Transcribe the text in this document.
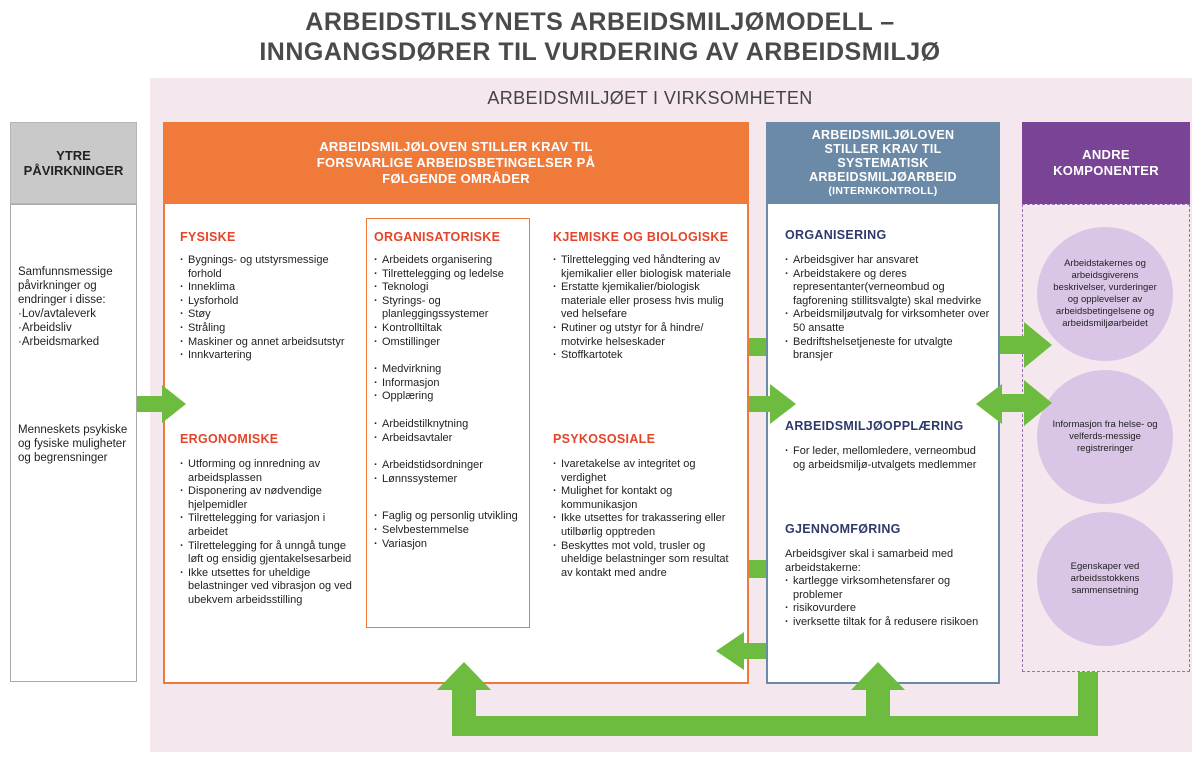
ARBEIDSTILSYNETS ARBEIDSMILJØMODELL –
INNGANGSDØRER TIL VURDERING AV ARBEIDSMILJØ
ARBEIDSMILJØET I VIRKSOMHETEN
YTRE PÅVIRKNINGER
Samfunnsmessige påvirkninger og endringer i disse:
·Lov/avtaleverk
·Arbeidsliv
·Arbeidsmarked
Menneskets psykiske og fysiske muligheter og begrensninger
ARBEIDSMILJØLOVEN STILLER KRAV TIL FORSVARLIGE ARBEIDSBETINGELSER PÅ FØLGENDE OMRÅDER
FYSISKE
· Bygnings- og utstyrsmessige forhold
· Inneklima
· Lysforhold
· Støy
· Stråling
· Maskiner og annet arbeidsutstyr
· Innkvartering
ERGONOMISKE
· Utforming og innredning av arbeidsplassen
· Disponering av nødvendige hjelpemidler
· Tilrettelegging for variasjon i arbeidet
· Tilrettelegging for å unngå tunge løft og ensidig gjentakelsesarbeid
· Ikke utsettes for uheldige belastninger ved vibrasjon og ved ubekvem arbeidsstilling
ORGANISATORISKE
· Arbeidets organisering
· Tilrettelegging og ledelse
· Teknologi
· Styrings- og planleggingssystemer
· Kontrolltiltak
· Omstillinger
· Medvirkning
· Informasjon
· Opplæring
· Arbeidstilknytning
· Arbeidsavtaler
· Arbeidstidsordninger
· Lønnssystemer
· Faglig og personlig utvikling
· Selvbestemmelse
· Variasjon
KJEMISKE OG BIOLOGISKE
· Tilrettelegging ved håndtering av kjemikalier eller biologisk materiale
· Erstatte kjemikalier/biologisk materiale eller prosess hvis mulig ved helsefare
· Rutiner og utstyr for å hindre/ motvirke helseskader
· Stoffkartotek
PSYKOSOSIALE
· Ivaretakelse av integritet og verdighet
· Mulighet for kontakt og kommunikasjon
· Ikke utsettes for trakassering eller utilbørlig opptreden
· Beskyttes mot vold, trusler og uheldige belastninger som resultat av kontakt med andre
ARBEIDSMILJØLOVEN STILLER KRAV TIL SYSTEMATISK ARBEIDSMILJØARBEID
(INTERNKONTROLL)
ORGANISERING
· Arbeidsgiver har ansvaret
· Arbeidstakere og deres representanter(verneombud og fagforening stillitsvalgte) skal medvirke
· Arbeidsmiljøutvalg for virksomheter over 50 ansatte
· Bedriftshelsetjeneste for utvalgte bransjer
ARBEIDSMILJØOPPLÆRING
· For leder, mellomledere, verneombud og arbeidsmiljø-utvalgets medlemmer
GJENNOMFØRING
Arbeidsgiver skal i samarbeid med arbeidstakerne:
· kartlegge virksomhetensfarer og problemer
· risikovurdere
· iverksette tiltak for å redusere risikoen
ANDRE KOMPONENTER
Arbeidstakernes og arbeidsgiverens beskrivelser, vurderinger og opplevelser av arbeidsbetingelsene og arbeidsmiljøarbeidet
Informasjon fra helse- og velferds-messige registreringer
Egenskaper ved arbeidsstokkens sammensetning
